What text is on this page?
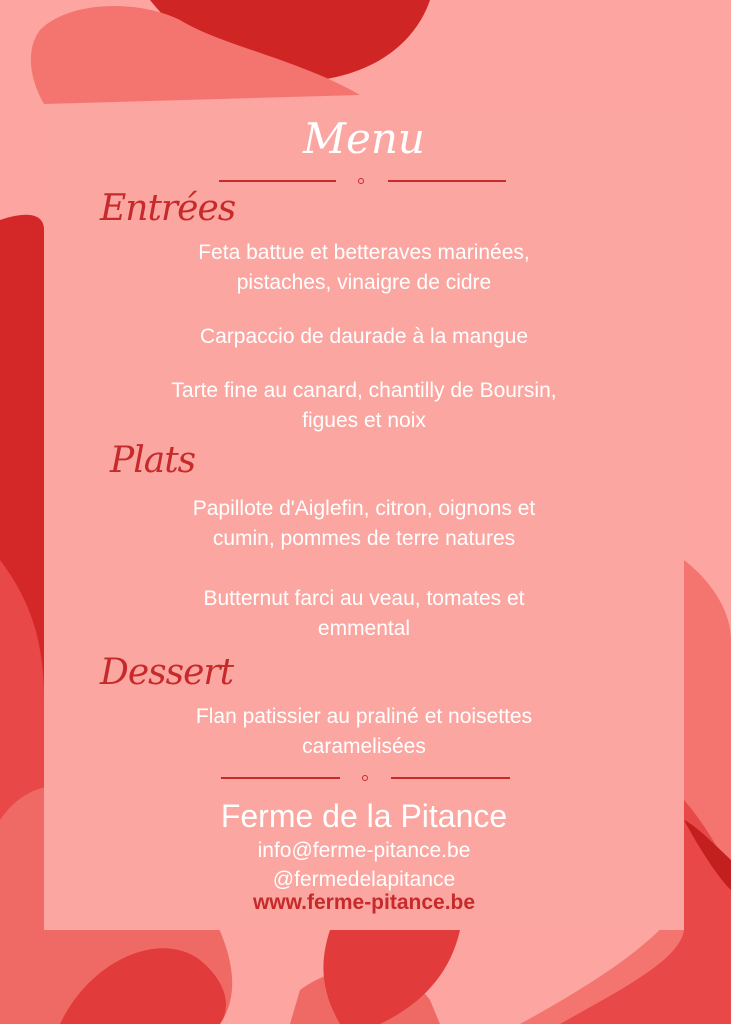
Menu
Entrées
Feta battue et betteraves marinées,
pistaches, vinaigre de cidre
Carpaccio de daurade à la mangue
Tarte fine au canard, chantilly de Boursin,
figues et noix
Plats
Papillote d'Aiglefin, citron, oignons et
cumin, pommes de terre natures
Butternut farci au veau, tomates et
emmental
Dessert
Flan patissier au praliné et noisettes
caramelisées
Ferme de la Pitance
info@ferme-pitance.be
@fermedelapitance
www.ferme-pitance.be
